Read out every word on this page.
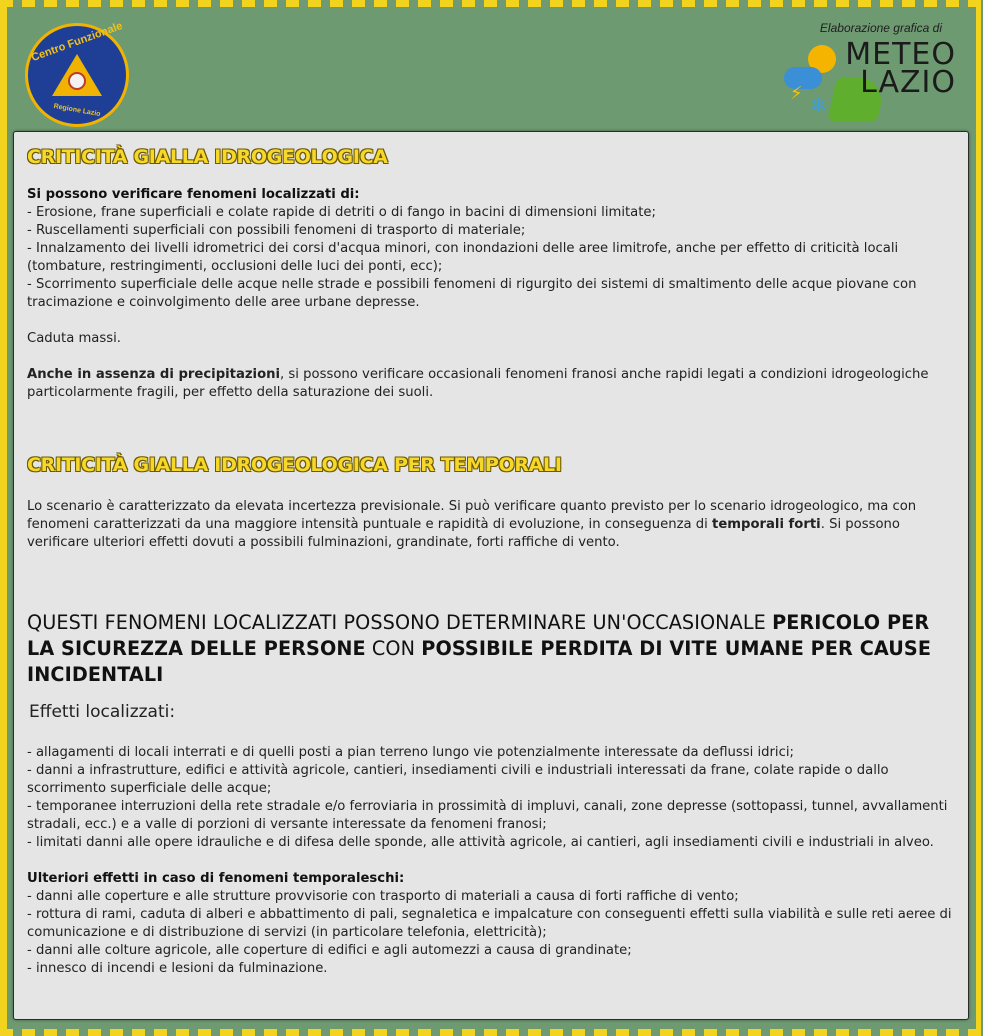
Centro Funzionale
Regione Lazio
Elaborazione grafica di
⚡ ❄
METEO
LAZIO
CRITICITÀ GIALLA IDROGEOLOGICA

Si possono verificare fenomeni localizzati di:

- Erosione, frane superficiali e colate rapide di detriti o di fango in bacini di dimensioni limitate;

- Ruscellamenti superficiali con possibili fenomeni di trasporto di materiale;

- Innalzamento dei livelli idrometrici dei corsi d'acqua minori, con inondazioni delle aree limitrofe, anche per effetto di criticità locali (tombature, restringimenti, occlusioni delle luci dei ponti, ecc);

- Scorrimento superficiale delle acque nelle strade e possibili fenomeni di rigurgito dei sistemi di smaltimento delle acque piovane con tracimazione e coinvolgimento delle aree urbane depresse.

Caduta massi.

Anche in assenza di precipitazioni, si possono verificare occasionali fenomeni franosi anche rapidi legati a condizioni idrogeologiche particolarmente fragili, per effetto della saturazione dei suoli.

CRITICITÀ GIALLA IDROGEOLOGICA PER TEMPORALI

Lo scenario è caratterizzato da elevata incertezza previsionale. Si può verificare quanto previsto per lo scenario idrogeologico, ma con fenomeni caratterizzati da una maggiore intensità puntuale e rapidità di evoluzione, in conseguenza di temporali forti. Si possono verificare ulteriori effetti dovuti a possibili fulminazioni, grandinate, forti raffiche di vento.

QUESTI FENOMENI LOCALIZZATI POSSONO DETERMINARE UN'OCCASIONALE PERICOLO PER LA SICUREZZA DELLE PERSONE CON POSSIBILE PERDITA DI VITE UMANE PER CAUSE INCIDENTALI

Effetti localizzati:

- allagamenti di locali interrati e di quelli posti a pian terreno lungo vie potenzialmente interessate da deflussi idrici;

- danni a infrastrutture, edifici e attività agricole, cantieri, insediamenti civili e industriali interessati da frane, colate rapide o dallo scorrimento superficiale delle acque;

- temporanee interruzioni della rete stradale e/o ferroviaria in prossimità di impluvi, canali, zone depresse (sottopassi, tunnel, avvallamenti stradali, ecc.) e a valle di porzioni di versante interessate da fenomeni franosi;

- limitati danni alle opere idrauliche e di difesa delle sponde, alle attività agricole, ai cantieri, agli insediamenti civili e industriali in alveo.

Ulteriori effetti in caso di fenomeni temporaleschi:

- danni alle coperture e alle strutture provvisorie con trasporto di materiali a causa di forti raffiche di vento;

- rottura di rami, caduta di alberi e abbattimento di pali, segnaletica e impalcature con conseguenti effetti sulla viabilità e sulle reti aeree di comunicazione e di distribuzione di servizi (in particolare telefonia, elettricità);

- danni alle colture agricole, alle coperture di edifici e agli automezzi a causa di grandinate;

- innesco di incendi e lesioni da fulminazione.
